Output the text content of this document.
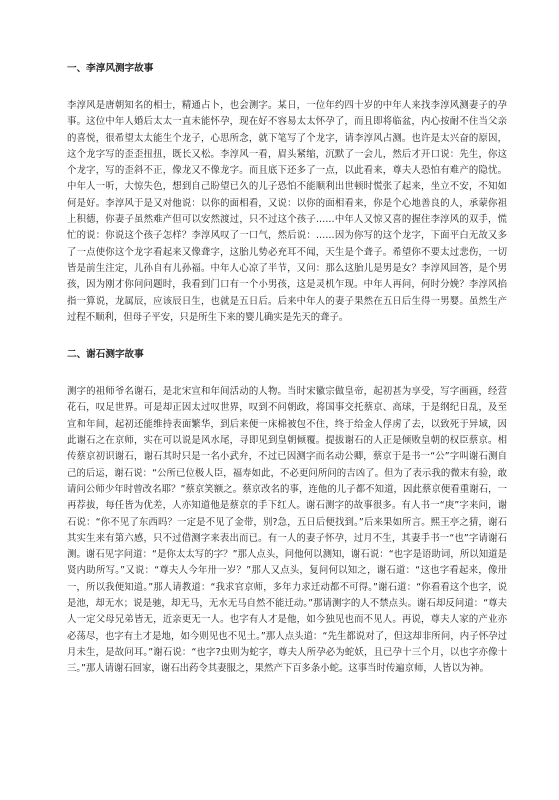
一、李淳风测字故事

李淳风是唐朝知名的相士，精通占卜，也会测字。某日，一位年约四十岁的中年人来找李淳风测妻子的孕事。这位中年人婚后太太一直未能怀孕，现在好不容易太太怀孕了，而且即将临盆，内心按耐不住当父亲的喜悦，很希望太太能生个龙子，心思所念，就下笔写了个龙字，请李淳风占测。也许是太兴奋的原因，这个龙字写的歪歪扭扭，既长又松。李淳风一看，眉头紧缩，沉默了一会儿，然后才开口说：先生，你这个龙字，写的歪斜不正，像龙又不像龙字。而且底下还多了一点，以此看来，尊夫人恐怕有难产的隐忧。中年人一听，大惊失色，想到自己盼望已久的儿子恐怕不能顺利出世顿时慌张了起来，坐立不安，不知如何是好。李淳风于是又对他说：以你的面相看，又说：以你的面相看来，你是个心地善良的人，承蒙你祖上积德，你妻子虽然难产但可以安然渡过，只不过这个孩子……中年人又惊又喜的握住李淳风的双手，慌忙的说：你说这个孩子怎样？李淳风叹了一口气，然后说：……因为你写的这个龙字，下面平白无故又多了一点使你这个龙字看起来又像聋字，这胎儿势必充耳不闻，天生是个聋子。希望你不要太过悲伤，一切皆是前生注定，儿孙自有儿孙福。中年人心凉了半节，又问：那么这胎儿是男是女？李淳风回答，是个男孩，因为刚才你问问题时，我看到门口有一个小男孩，这是灵机乍现。中年人再问，何时分娩？李淳风掐指一算说，龙属辰，应该辰日生，也就是五日后。后来中年人的妻子果然在五日后生得一男婴。虽然生产过程不顺利，但母子平安，只是所生下来的婴儿确实是先天的聋子。

二、谢石测字故事

测字的祖师爷名谢石，是北宋宣和年间活动的人物。当时宋徽宗做皇帝，起初甚为享受，写字画画，经营花石，叹足世界。可是却正因太过叹世界，叹到不问朝政，将国事交托蔡京、高球，于是纲纪日乱，及至宣和年间，起初还能维持表面繁华，到后来便一床棉被包不住，终于给金人俘虏了去，以致死于异域，因此谢石之在京师，实在可以说是风水尾，寻即见到皇朝倾覆。提拔谢石的人正是倾败皇朝的权臣蔡京。相传蔡京初识谢石，谢石其时只是一名小武弁，不过已因测字而名动公卿，蔡京于是书一“公”字叫谢石测自己的后运，谢石说：“公所已位极人臣，福寿如此，不必更问所问的吉凶了。但为了表示我的微末有验，敢请问公师少年时曾改名耶？”蔡京笑额之。蔡京改名的事，连他的儿子都不知道，因此蔡京便看重谢石，一再荐拔，每任皆为优差，人亦知道他是蔡京的手下红人。谢石测字的故事很多。有人书一“庚”字来问，谢石说：“你不见了东西吗？一定是不见了金带，别?急，五日后便找到。”后来果如所言。熙王亭之猜，谢石其实生来有第六感，只不过借测字来表出而已。有一人的妻子怀孕，过月不生，其妻手书一“也”字请谢石测。谢石见字问道：“是你太太写的字？”那人点头，问他何以测知，谢石说：“也字是语助词，所以知道是贤内助所写。”又说：“尊夫人今年卅一岁？”那人又点头，复问何以知之，谢石道：“这也字看起来，像卅一，所以我便知道。”那人请教道：“我求官京师，多年力求迁动都不可得。”谢石道：“你看看这个也字，说是池，却无水；说是驰，却无马，无水无马自然不能迁动。”那请测字的人不禁点头。谢石却反问道：“尊夫人一定父母兄弟皆无，近亲更无一人。也字有人才是他，如今独见也而不见人。再说，尊夫人家的产业亦必荡尽，也字有土才是地，如今则见也不见土。”那人点头道：“先生都说对了，但这却非所问，内子怀孕过月未生，是故问耳。”谢石说：“也字?虫则为蛇字，尊夫人所孕必为蛇妖，且已孕十三个月，以也字亦像十三。”那人请谢石回家，谢石出药令其妻服之，果然产下百多条小蛇。这事当时传遍京师，人皆以为神。
